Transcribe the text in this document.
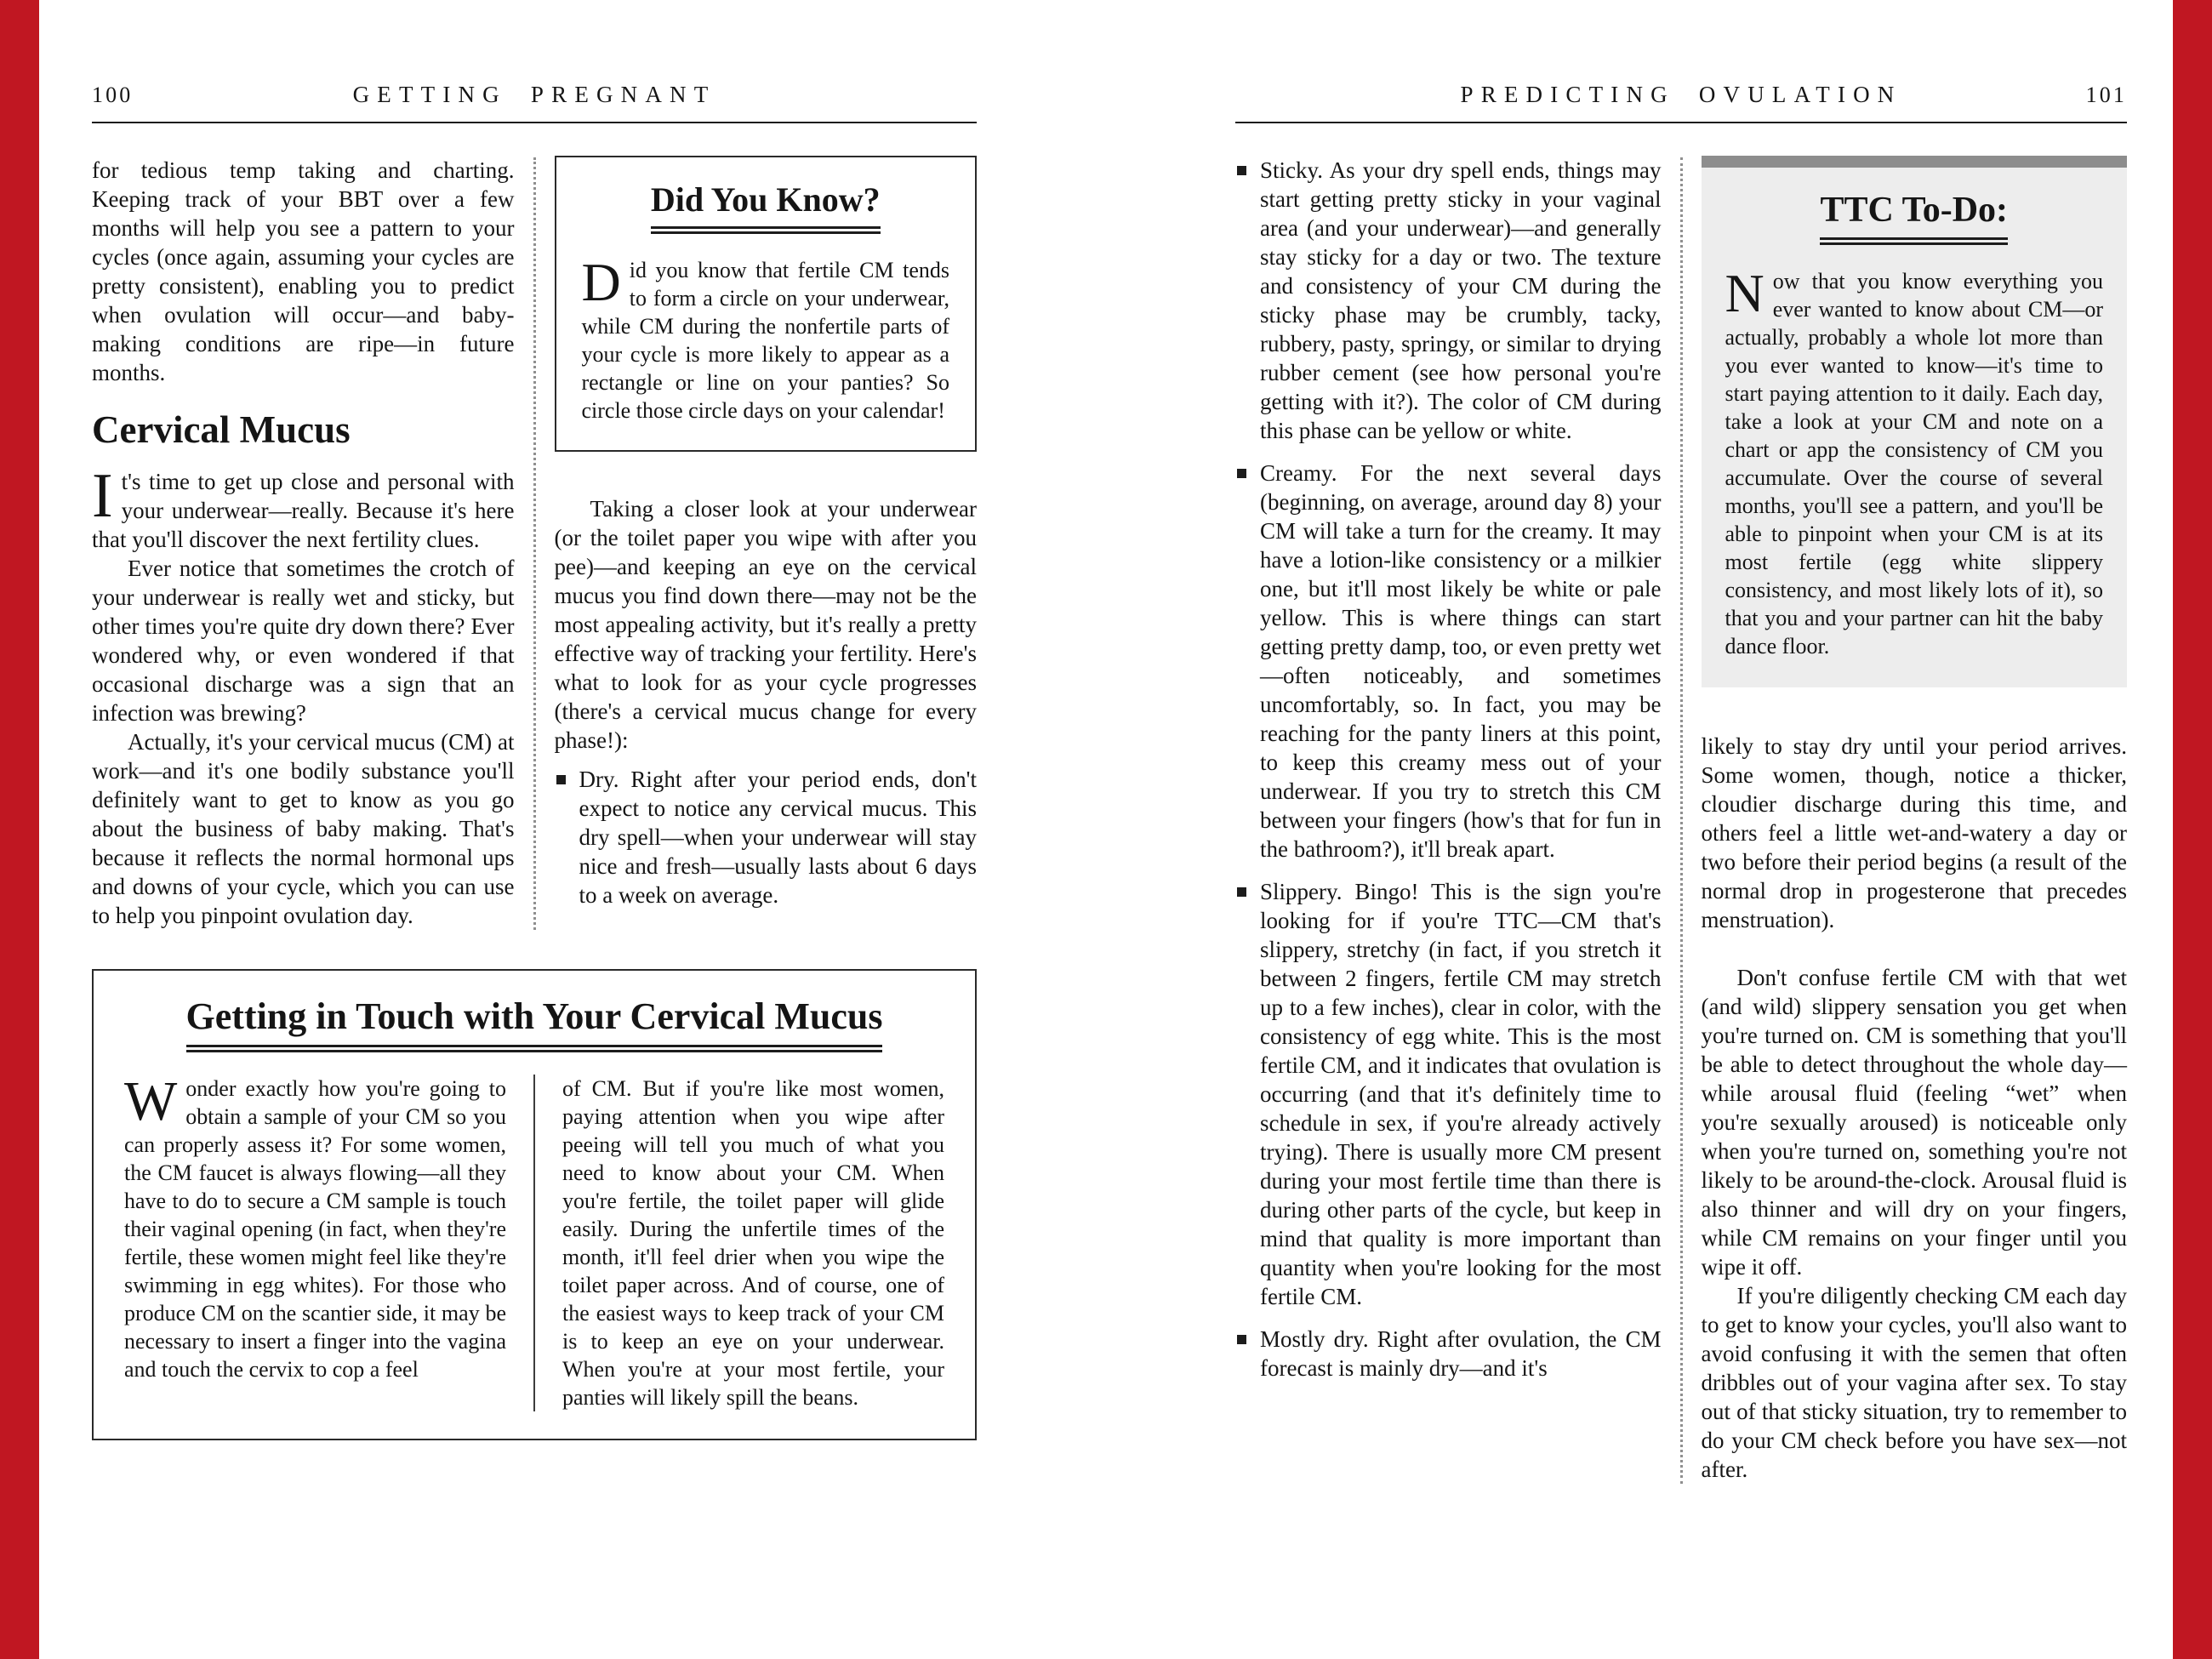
100	GETTING PREGNANT

for tedious temp taking and charting. Keeping track of your BBT over a few months will help you see a pattern to your cycles (once again, assuming your cycles are pretty consistent), enabling you to predict when ovulation will occur—and baby-making conditions are ripe—in future months.

Cervical Mucus

It's time to get up close and personal with your underwear—really. Because it's here that you'll discover the next fertility clues.

Ever notice that sometimes the crotch of your underwear is really wet and sticky, but other times you're quite dry down there? Ever wondered why, or even wondered if that occasional discharge was a sign that an infection was brewing?

Actually, it's your cervical mucus (CM) at work—and it's one bodily substance you'll definitely want to get to know as you go about the business of baby making. That's because it reflects the normal hormonal ups and downs of your cycle, which you can use to help you pinpoint ovulation day.

Did You Know?

Did you know that fertile CM tends to form a circle on your underwear, while CM during the nonfertile parts of your cycle is more likely to appear as a rectangle or line on your panties? So circle those circle days on your calendar!

Taking a closer look at your underwear (or the toilet paper you wipe with after you pee)—and keeping an eye on the cervical mucus you find down there—may not be the most appealing activity, but it's really a pretty effective way of tracking your fertility. Here's what to look for as your cycle progresses (there's a cervical mucus change for every phase!):

Dry. Right after your period ends, don't expect to notice any cervical mucus. This dry spell—when your underwear will stay nice and fresh—usually lasts about 6 days to a week on average.

Getting in Touch with Your Cervical Mucus

Wonder exactly how you're going to obtain a sample of your CM so you can properly assess it? For some women, the CM faucet is always flowing—all they have to do to secure a CM sample is touch their vaginal opening (in fact, when they're fertile, these women might feel like they're swimming in egg whites). For those who produce CM on the scantier side, it may be necessary to insert a finger into the vagina and touch the cervix to cop a feel

of CM. But if you're like most women, paying attention when you wipe after peeing will tell you much of what you need to know about your CM. When you're fertile, the toilet paper will glide easily. During the unfertile times of the month, it'll feel drier when you wipe the toilet paper across. And of course, one of the easiest ways to keep track of your CM is to keep an eye on your underwear. When you're at your most fertile, your panties will likely spill the beans.

PREDICTING OVULATION	101

Sticky. As your dry spell ends, things may start getting pretty sticky in your vaginal area (and your underwear)—and generally stay sticky for a day or two. The texture and consistency of your CM during the sticky phase may be crumbly, tacky, rubbery, pasty, springy, or similar to drying rubber cement (see how personal you're getting with it?). The color of CM during this phase can be yellow or white.

Creamy. For the next several days (beginning, on average, around day 8) your CM will take a turn for the creamy. It may have a lotion-like consistency or a milkier one, but it'll most likely be white or pale yellow. This is where things can start getting pretty damp, too, or even pretty wet—often noticeably, and sometimes uncomfortably, so. In fact, you may be reaching for the panty liners at this point, to keep this creamy mess out of your underwear. If you try to stretch this CM between your fingers (how's that for fun in the bathroom?), it'll break apart.

Slippery. Bingo! This is the sign you're looking for if you're TTC—CM that's slippery, stretchy (in fact, if you stretch it between 2 fingers, fertile CM may stretch up to a few inches), clear in color, with the consistency of egg white. This is the most fertile CM, and it indicates that ovulation is occurring (and that it's definitely time to schedule in sex, if you're already actively trying). There is usually more CM present during your most fertile time than there is during other parts of the cycle, but keep in mind that quality is more important than quantity when you're looking for the most fertile CM.

Mostly dry. Right after ovulation, the CM forecast is mainly dry—and it's

TTC To-Do:

Now that you know everything you ever wanted to know about CM—or actually, probably a whole lot more than you ever wanted to know—it's time to start paying attention to it daily. Each day, take a look at your CM and note on a chart or app the consistency of CM you accumulate. Over the course of several months, you'll see a pattern, and you'll be able to pinpoint when your CM is at its most fertile (egg white slippery consistency, and most likely lots of it), so that you and your partner can hit the baby dance floor.

likely to stay dry until your period arrives. Some women, though, notice a thicker, cloudier discharge during this time, and others feel a little wet-and-watery a day or two before their period begins (a result of the normal drop in progesterone that precedes menstruation).

Don't confuse fertile CM with that wet (and wild) slippery sensation you get when you're turned on. CM is something that you'll be able to detect throughout the whole day—while arousal fluid (feeling “wet” when you're sexually aroused) is noticeable only when you're turned on, something you're not likely to be around-the-clock. Arousal fluid is also thinner and will dry on your fingers, while CM remains on your finger until you wipe it off.

If you're diligently checking CM each day to get to know your cycles, you'll also want to avoid confusing it with the semen that often dribbles out of your vagina after sex. To stay out of that sticky situation, try to remember to do your CM check before you have sex—not after.
